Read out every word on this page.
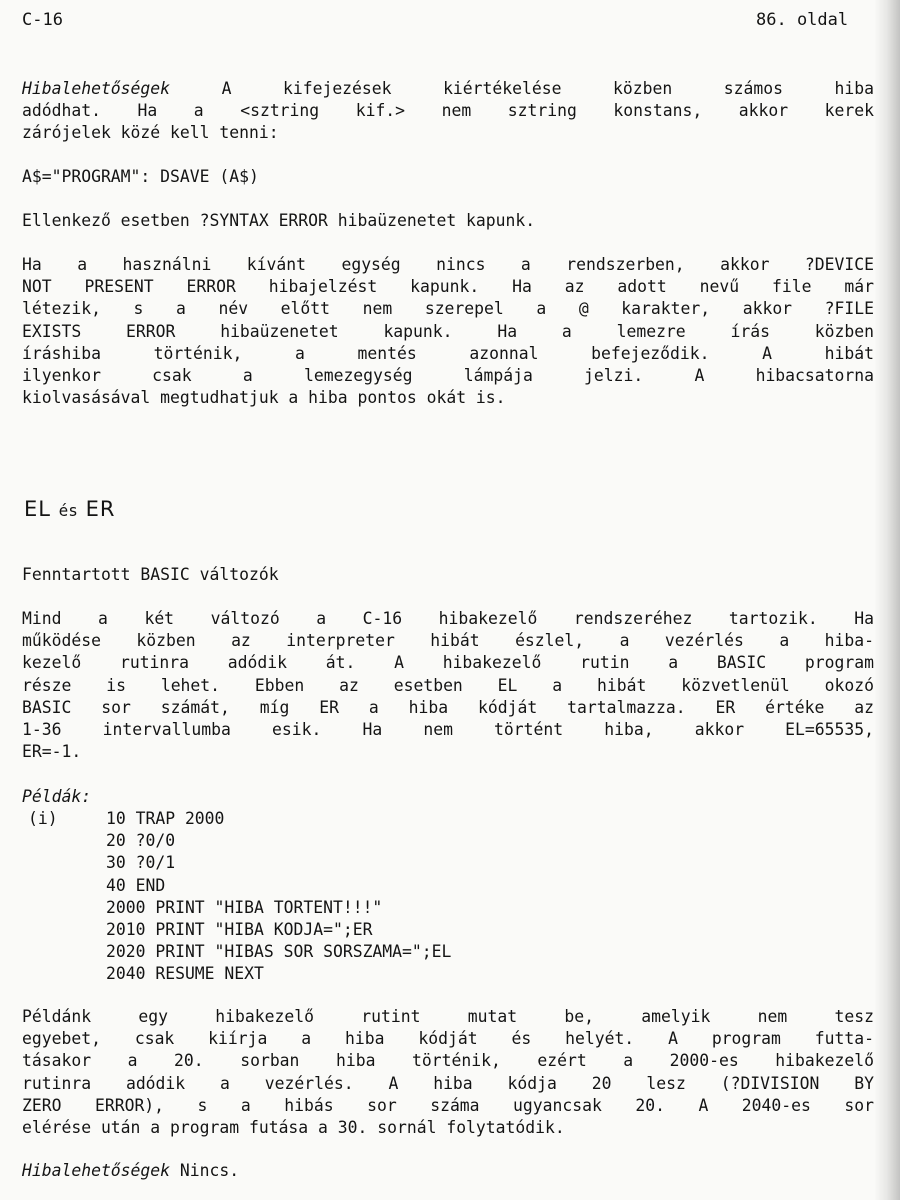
C-16	86. oldal
Hibalehetőségek A kifejezések kiértékelése közben számos hiba
adódhat. Ha a <sztring kif.> nem sztring konstans, akkor kerek
zárójelek közé kell tenni:
A$="PROGRAM": DSAVE (A$)
Ellenkező esetben ?SYNTAX ERROR hibaüzenetet kapunk.
Ha a használni kívánt egység nincs a rendszerben, akkor ?DEVICE
NOT PRESENT ERROR hibajelzést kapunk. Ha az adott nevű file már
létezik, s a név előtt nem szerepel a @ karakter, akkor ?FILE
EXISTS ERROR hibaüzenetet kapunk. Ha a lemezre írás közben
íráshiba történik, a mentés azonnal befejeződik. A hibát
ilyenkor csak a lemezegység lámpája jelzi. A hibacsatorna
kiolvasásával megtudhatjuk a hiba pontos okát is.
EL és ER
Fenntartott BASIC változók
Mind a két változó a C-16 hibakezelő rendszeréhez tartozik. Ha
működése közben az interpreter hibát észlel, a vezérlés a hiba-
kezelő rutinra adódik át. A hibakezelő rutin a BASIC program
része is lehet. Ebben az esetben EL a hibát közvetlenül okozó
BASIC sor számát, míg ER a hiba kódját tartalmazza. ER értéke az
1-36 intervallumba esik. Ha nem történt hiba, akkor EL=65535,
ER=-1.
Példák:
(i)	10 TRAP 2000
20 ?0/0
30 ?0/1
40 END
2000 PRINT "HIBA TORTENT!!!"
2010 PRINT "HIBA KODJA=";ER
2020 PRINT "HIBAS SOR SORSZAMA=";EL
2040 RESUME NEXT
Példánk egy hibakezelő rutint mutat be, amelyik nem tesz
egyebet, csak kiírja a hiba kódját és helyét. A program futta-
tásakor a 20. sorban hiba történik, ezért a 2000-es hibakezelő
rutinra adódik a vezérlés. A hiba kódja 20 lesz (?DIVISION BY
ZERO ERROR), s a hibás sor száma ugyancsak 20. A 2040-es sor
elérése után a program futása a 30. sornál folytatódik.
Hibalehetőségek Nincs.
